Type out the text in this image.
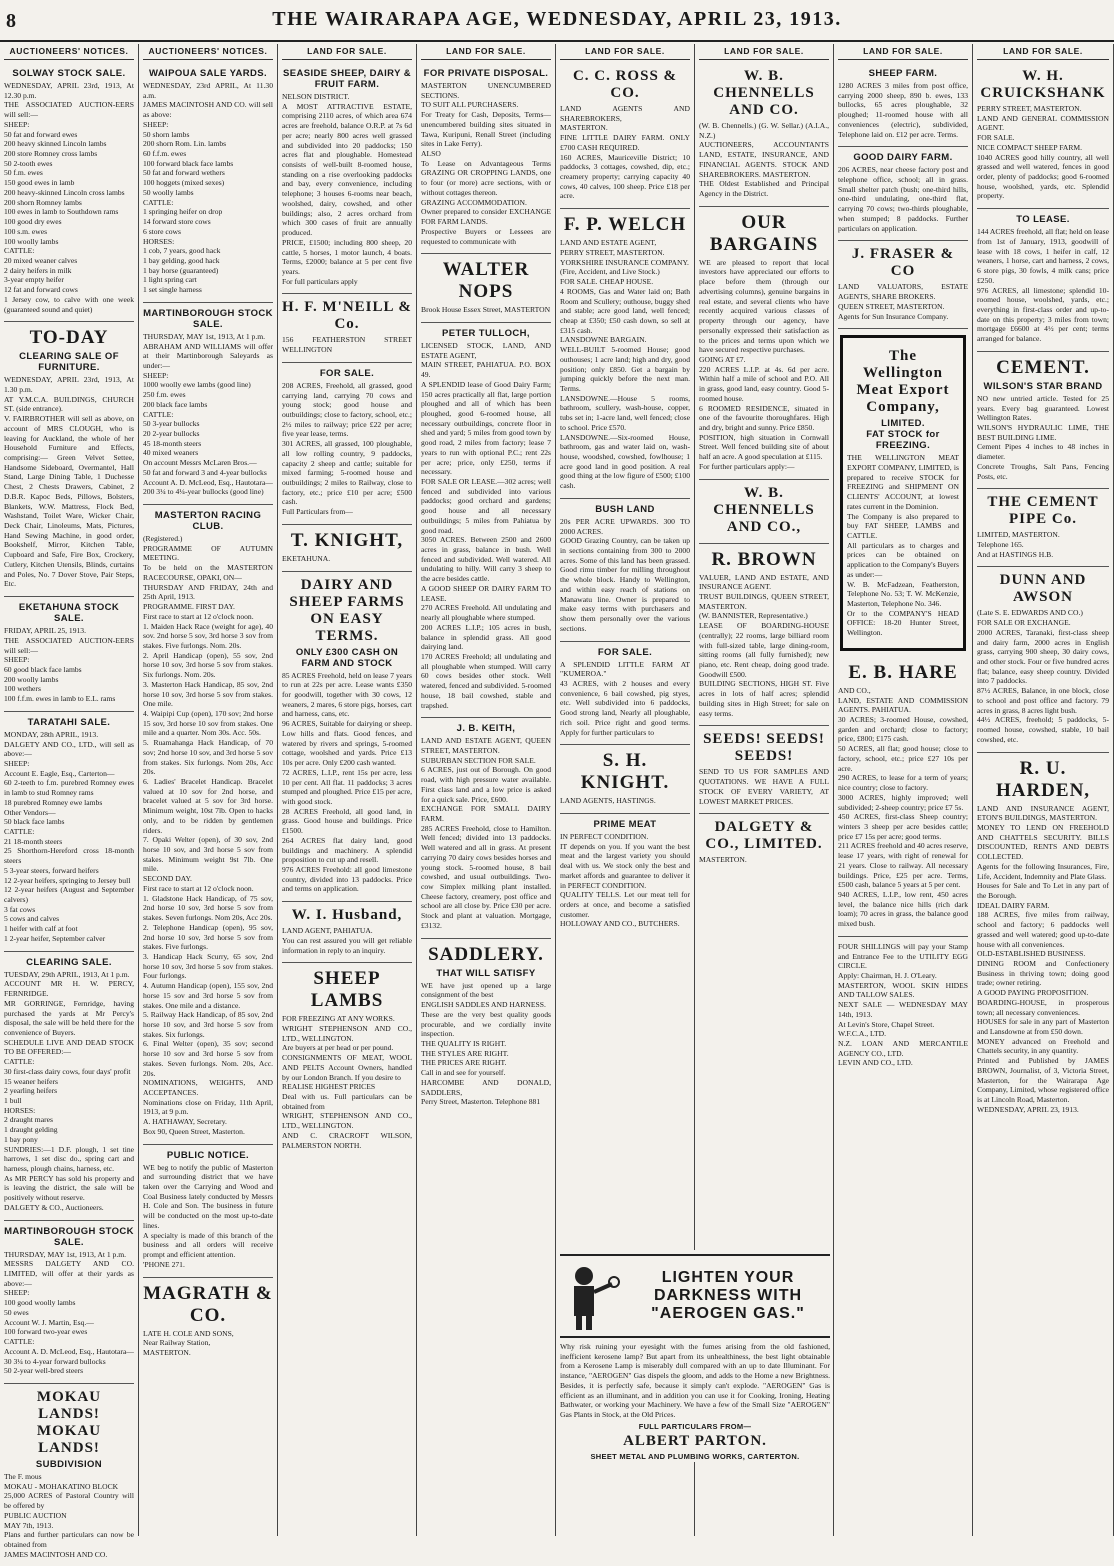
8	THE WAIRARAPA AGE, WEDNESDAY, APRIL 23, 1913.
AUCTIONEERS' NOTICES.
SOLWAY STOCK SALE.
WEDNESDAY, APRIL 23rd, 1913, At 12.30 p.m.
THE ASSOCIATED AUCTION-EERS will sell:—
SHEEP:
50 fat and forward ewes
200 heavy skinned Lincoln lambs
200 store Romney cross lambs
50 2-tooth ewes
50 f.m. ewes
150 good ewes in lamb
200 heavy-skinned Lincoln cross lambs
200 shorn Romney lambs
100 ewes in lamb to Southdown rams
100 good dry ewes
100 s.m. ewes
100 woolly lambs
CATTLE:
20 mixed weaner calves
2 dairy heifers in milk
3-year empty heifer
12 fat and forward cows
1 Jersey cow, to calve with one week (guaranteed sound and quiet)
TO-DAY
CLEARING SALE OF FURNITURE.
WEDNESDAY, APRIL 23rd, 1913, At 1.30 p.m.
AT Y.M.C.A. BUILDINGS, CHURCH ST. (side entrance).
V. FAIRBROTHER will sell as above, on account of MRS CLOUGH, who is leaving for Auckland, the whole of her Household Furniture and Effects, comprising:— Green Velvet Settee, Handsome Sideboard, Overmantel, Hall Stand, Large Dining Table, 1 Duchesse Chest, 2 Chests Drawers, Cabinet, 2 D.B.R. Kapoc Beds, Pillows, Bolsters, Blankets, W.W. Mattress, Flock Bed, Washstand, Toilet Ware, Wicker Chair, Deck Chair, Linoleums, Mats, Pictures, Hand Sewing Machine, in good order, Bookshelf, Mirror, Kitchen Table, Cupboard and Safe, Fire Box, Crockery, Cutlery, Kitchen Utensils, Blinds, curtains and Poles, No. 7 Dover Stove, Pair Steps, Etc.
EKETAHUNA STOCK SALE.
FRIDAY, APRIL 25, 1913.
THE ASSOCIATED AUCTION-EERS will sell:—
SHEEP:
60 good black face lambs
200 woolly lambs
100 wethers
100 f.f.m. ewes in lamb to E.L. rams
TARATAHI SALE.
MONDAY, 28th APRIL, 1913.
DALGETY AND CO., LTD., will sell as above:—
SHEEP:
Account E. Eagle, Esq., Carterton—
60 2-teeth to f.m. purebred Romney ewes in lamb to stud Romney rams
18 purebred Romney ewe lambs
Other Vendors—
50 black face lambs
CATTLE:
21 18-month steers
25 Shorthorn-Hereford cross 18-month steers
5 3-year steers, forward heifers
12 2-year heifers, springing to Jersey bull
12 2-year heifers (August and September calvers)
3 fat cows
5 cows and calves
1 heifer with calf at foot
1 2-year heifer, September calver
CLEARING SALE.
TUESDAY, 29th APRIL, 1913, At 1 p.m.
ACCOUNT MR H. W. PERCY, FERNRIDGE.
MR GORRINGE, Fernridge, having purchased the yards at Mr Percy's disposal, the sale will be held there for the convenience of Buyers.
SCHEDULE LIVE AND DEAD STOCK TO BE OFFERED:—
CATTLE:
30 first-class dairy cows, four days' profit
15 weaner heifers
2 yearling heifers
1 bull
HORSES:
2 draught mares
1 draught gelding
1 bay pony
SUNDRIES:—1 D.F. plough, 1 set tine harrows, 1 set disc do., spring cart and harness, plough chains, harness, etc.
As MR PERCY has sold his property and is leaving the district, the sale will be positively without reserve.
DALGETY & CO., Auctioneers.
MARTINBOROUGH STOCK SALE.
THURSDAY, MAY 1st, 1913, At 1 p.m.
MESSRS DALGETY AND CO. LIMITED, will offer at their yards as above:—
SHEEP:
100 good woolly lambs
50 ewes
Account W. J. Martin, Esq.—
100 forward two-year ewes
CATTLE:
Account A. D. McLeod, Esq., Hautotara—
30 3¼ to 4-year forward bullocks
50 2-year well-bred steers
MOKAU LANDS! MOKAU LANDS!
SUBDIVISION
The F. mous
MOKAU - MOHAKATINO BLOCK
25,000 ACRES of Pastoral Country will be offered by
PUBLIC AUCTION
MAY 7th, 1913.
Plans and further particulars can now be obtained from
JAMES MACINTOSH AND CO.
AUCTIONEERS' NOTICES.
WAIPOUA SALE YARDS.
WEDNESDAY, 23rd APRIL, At 11.30 a.m.
JAMES MACINTOSH AND CO. will sell as above:
SHEEP:
50 shorn lambs
200 shorn Rom. Lin. lambs
60 f.f.m. ewes
100 forward black face lambs
50 fat and forward wethers
100 hoggets (mixed sexes)
50 woolly lambs
CATTLE:
1 springing heifer on drop
14 forward store cows
6 store cows
HORSES:
1 cob, 7 years, good hack
1 bay gelding, good hack
1 bay horse (guaranteed)
1 light spring cart
1 set single harness
MARTINBOROUGH STOCK SALE.
THURSDAY, MAY 1st, 1913, At 1 p.m.
ABRAHAM AND WILLIAMS will offer at their Martinborough Saleyards as under:—
SHEEP:
1000 woolly ewe lambs (good line)
250 f.m. ewes
200 black face lambs
CATTLE:
50 3-year bullocks
20 2-year bullocks
45 18-month steers
40 mixed weaners
On account Messrs McLaren Bros.—
50 fat and forward 3 and 4-year bullocks
Account A. D. McLeod, Esq., Hautotara—
200 3¼ to 4¼-year bullocks (good line)
MASTERTON RACING CLUB.
(Registered.)
PROGRAMME OF AUTUMN MEETING.
To be held on the MASTERTON RACECOURSE, OPAKI, ON—
THURSDAY AND FRIDAY, 24th and 25th April, 1913.
PROGRAMME. FIRST DAY.
First race to start at 12 o'clock noon.
1. Maiden Hack Race (weight for age), 40 sov. 2nd horse 5 sov, 3rd horse 3 sov from stakes. Five furlongs. Nom. 20s.
2. April Handicap (open), 55 sov, 2nd horse 10 sov, 3rd horse 5 sov from stakes. Six furlongs. Nom. 20s.
3. Masterton Hack Handicap, 85 sov, 2nd horse 10 sov, 3rd horse 5 sov from stakes. One mile.
4. Waipipi Cup (open), 170 sov; 2nd horse 15 sov, 3rd horse 10 sov from stakes. One mile and a quarter. Nom 30s. Acc. 50s.
5. Ruamahanga Hack Handicap, of 70 sov; 2nd horse 10 sov, and 3rd horse 5 sov from stakes. Six furlongs. Nom 20s, Acc 20s.
6. Ladies' Bracelet Handicap. Bracelet valued at 10 sov for 2nd horse, and bracelet valued at 5 sov for 3rd horse. Minimum weight, 10st 7lb. Open to hacks only, and to be ridden by gentlemen riders.
7. Opaki Welter (open), of 30 sov, 2nd horse 10 sov, and 3rd horse 5 sov from stakes. Minimum weight 9st 7lb. One mile.
SECOND DAY.
First race to start at 12 o'clock noon.
1. Gladstone Hack Handicap, of 75 sov, 2nd horse 10 sov, 3rd horse 5 sov from stakes. Seven furlongs. Nom 20s, Acc 20s.
2. Telephone Handicap (open), 95 sov, 2nd horse 10 sov, 3rd horse 5 sov from stakes. Five furlongs.
3. Handicap Hack Scurry, 65 sov, 2nd horse 10 sov, 3rd horse 5 sov from stakes. Four furlongs.
4. Autumn Handicap (open), 155 sov, 2nd horse 15 sov and 3rd horse 5 sov from stakes. One mile and a distance.
5. Railway Hack Handicap, of 85 sov, 2nd horse 10 sov, and 3rd horse 5 sov from stakes. Six furlongs.
6. Final Welter (open), 35 sov; second horse 10 sov and 3rd horse 5 sov from stakes. Seven furlongs. Nom. 20s, Acc. 20s.
NOMINATIONS, WEIGHTS, AND ACCEPTANCES.
Nominations close on Friday, 11th April, 1913, at 9 p.m.
A. HATHAWAY, Secretary.
Box 90, Queen Street, Masterton.
PUBLIC NOTICE.
WE beg to notify the public of Masterton and surrounding district that we have taken over the Carrying and Wood and Coal Business lately conducted by Messrs H. Cole and Son. The business in future will be conducted on the most up-to-date lines.
A specialty is made of this branch of the business and all orders will receive prompt and efficient attention.
'PHONE 271.
MAGRATH & CO.
LATE H. COLE AND SONS,
Near Railway Station,
MASTERTON.
LAND FOR SALE.
SEASIDE SHEEP, DAIRY & FRUIT FARM.
NELSON DISTRICT.
A MOST ATTRACTIVE ESTATE, comprising 2110 acres, of which area 674 acres are freehold, balance O.R.P. at 7s 6d per acre; nearly 800 acres well grassed and subdivided into 20 paddocks; 150 acres flat and ploughable. Homestead consists of well-built 8-roomed house, standing on a rise overlooking paddocks and bay, every convenience, including telephone; 3 houses 6-rooms near beach, woolshed, dairy, cowshed, and other buildings; also, 2 acres orchard from which 300 cases of fruit are annually produced.
PRICE, £1500; including 800 sheep, 20 cattle, 5 horses, 1 motor launch, 4 boats. Terms, £2000; balance at 5 per cent five years.
For full particulars apply
H. F. M'NEILL & Co.
156 FEATHERSTON STREET WELLINGTON
FOR SALE.
208 ACRES, Freehold, all grassed, good carrying land, carrying 70 cows and young stock; good house and outbuildings; close to factory, school, etc.; 2½ miles to railway; price £22 per acre; five year lease, terms.
301 ACRES, all grassed, 100 ploughable, all low rolling country, 9 paddocks, capacity 2 sheep and cattle; suitable for mixed farming; 5-roomed house and outbuildings; 2 miles to Railway, close to factory, etc.; price £10 per acre; £500 cash.
Full Particulars from—
T. KNIGHT,
EKETAHUNA.
DAIRY AND SHEEP FARMS ON EASY TERMS.
ONLY £300 CASH ON FARM AND STOCK
85 ACRES Freehold, held on lease 7 years to run at 22s per acre. Lease wants £350 for goodwill, together with 30 cows, 12 weaners, 2 mares, 6 store pigs, horses, cart and harness, cans, etc.
96 ACRES, Suitable for dairying or sheep. Low hills and flats. Good fences, and watered by rivers and springs, 5-roomed cottage, woolshed and yards. Price £13 10s per acre. Only £200 cash wanted.
72 ACRES, L.I.P., rent 15s per acre, less 10 per cent. All flat. 11 paddocks; 3 acres stumped and ploughed. Price £15 per acre, with good stock.
28 ACRES Freehold, all good land, in grass. Good house and buildings. Price £1500.
264 ACRES flat dairy land, good buildings and machinery. A splendid proposition to cut up and resell.
976 ACRES Freehold: all good limestone country, divided into 13 paddocks. Price and terms on application.
W. I. Husband,
LAND AGENT, PAHIATUA.
You can rest assured you will get reliable information in reply to an inquiry.
SHEEP LAMBS
FOR FREEZING AT ANY WORKS.
WRIGHT STEPHENSON AND CO., LTD., WELLINGTON.
Are buyers at per head or per pound.
CONSIGNMENTS OF MEAT, WOOL AND PELTS Account Owners, handled by our London Branch. If you desire to
REALISE HIGHEST PRICES
Deal with us. Full particulars can be obtained from
WRIGHT, STEPHENSON AND CO., LTD., WELLINGTON.
AND C. CRACROFT WILSON, PALMERSTON NORTH.
LAND FOR SALE.
FOR PRIVATE DISPOSAL.
MASTERTON UNENCUMBERED SECTIONS.
TO SUIT ALL PURCHASERS.
For Treaty for Cash, Deposits, Terms—unencumbered building sites situated in Tawa, Kuripuni, Renall Street (including sites in Lake Ferry).
ALSO
To Lease on Advantageous Terms GRAZING OR CROPPING LANDS, one to four (or more) acre sections, with or without cottages thereon.
GRAZING ACCOMMODATION.
Owner prepared to consider EXCHANGE FOR FARM LANDS.
Prospective Buyers or Lessees are requested to communicate with
WALTER NOPS
Brook House Essex Street, MASTERTON
PETER TULLOCH,
LICENSED STOCK, LAND, AND ESTATE AGENT,
MAIN STREET, PAHIATUA. P.O. BOX 49.
A SPLENDID lease of Good Dairy Farm; 150 acres practically all flat, large portion ploughed and all of which has been ploughed, good 6-roomed house, all necessary outbuildings, concrete floor in shed and yard; 5 miles from good town by good road, 2 miles from factory; lease 7 years to run with optional P.C.; rent 22s per acre; price, only £250, terms if necessary.
FOR SALE OR LEASE.—302 acres; well fenced and subdivided into various paddocks; good orchard and gardens; good house and all necessary outbuildings; 5 miles from Pahiatua by good road.
3050 ACRES. Between 2500 and 2600 acres in grass, balance in bush. Well fenced and subdivided. Well watered. All undulating to hilly. Will carry 3 sheep to the acre besides cattle.
A GOOD SHEEP OR DAIRY FARM TO LEASE.
270 ACRES Freehold. All undulating and nearly all ploughable where stumped.
200 ACRES L.I.P.; 105 acres in bush, balance in splendid grass. All good dairying land.
170 ACRES Freehold; all undulating and all ploughable when stumped. Will carry 60 cows besides other stock. Well watered, fenced and subdivided. 5-roomed house, 18 bail cowshed, stable and trapshed.
J. B. KEITH,
LAND AND ESTATE AGENT, QUEEN STREET, MASTERTON.
SUBURBAN SECTION FOR SALE.
6 ACRES, just out of Borough. On good road, with high pressure water available. First class land and a low price is asked for a quick sale. Price, £600.
EXCHANGE FOR SMALL DAIRY FARM.
285 ACRES Freehold, close to Hamilton. Well fenced; divided into 13 paddocks. Well watered and all in grass. At present carrying 70 dairy cows besides horses and young stock. 5-roomed house, 8 bail cowshed, and usual outbuildings. Two-cow Simplex milking plant installed. Cheese factory, creamery, post office and school are all close by. Price £30 per acre. Stock and plant at valuation. Mortgage, £3132.
SADDLERY.
THAT WILL SATISFY
WE have just opened up a large consignment of the best
ENGLISH SADDLES AND HARNESS.
These are the very best quality goods procurable, and we cordially invite inspection.
THE QUALITY IS RIGHT.
THE STYLES ARE RIGHT.
THE PRICES ARE RIGHT.
Call in and see for yourself.
HARCOMBE AND DONALD, SADDLERS,
Perry Street, Masterton. Telephone 881
LAND FOR SALE.
C. C. ROSS & CO.
LAND AGENTS AND SHAREBROKERS,
MASTERTON.
FINE LITTLE DAIRY FARM. ONLY £700 CASH REQUIRED.
160 ACRES, Mauriceville District; 10 paddocks, 3 cottages, cowshed, dip, etc.; creamery property; carrying capacity 40 cows, 40 calves, 100 sheep. Price £18 per acre.
F. P. WELCH
LAND AND ESTATE AGENT,
PERRY STREET, MASTERTON.
YORKSHIRE INSURANCE COMPANY.
(Fire, Accident, and Live Stock.)
FOR SALE. CHEAP HOUSE.
4 ROOMS, Gas and Water laid on; Bath Room and Scullery; outhouse, buggy shed and stable; acre good land, well fenced; cheap at £350; £50 cash down, so sell at £315 cash.
LANSDOWNE BARGAIN.
WELL-BUILT 5-roomed House; good outhouses; 1 acre land; high and dry, good position; only £850. Get a bargain by jumping quickly before the next man. Terms.
LANSDOWNE.—House 5 rooms, bathroom, scullery, wash-house, copper, tubs set in; 1-acre land, well fenced; close to school. Price £570.
LANSDOWNE.—Six-roomed House, bathroom, gas and water laid on, wash-house, woodshed, cowshed, fowlhouse; 1 acre good land in good position. A real good thing at the low figure of £500; £100 cash.
BUSH LAND
20s PER ACRE UPWARDS. 300 TO 2000 ACRES.
GOOD Grazing Country, can be taken up in sections containing from 300 to 2000 acres. Some of this land has been grassed. Good rimu timber for milling throughout the whole block. Handy to Wellington, and within easy reach of stations on Manawatu line. Owner is prepared to make easy terms with purchasers and show them personally over the various sections.
FOR SALE.
A SPLENDID LITTLE FARM AT "KUMEROA."
43 ACRES, with 2 houses and every convenience, 6 bail cowshed, pig styes, etc. Well subdivided into 6 paddocks, Good strong land, Nearly all ploughable, rich soil. Price right and good terms. Apply for further particulars to
S. H. KNIGHT.
LAND AGENTS, HASTINGS.
PRIME MEAT
IN PERFECT CONDITION.
IT depends on you. If you want the best meat and the largest variety you should deal with us. We stock only the best and market affords and guarantee to deliver it in PERFECT CONDITION.
QUALITY TELLS. Let our meat tell for orders at once, and become a satisfied customer.
HOLLOWAY AND CO., BUTCHERS.
LAND FOR SALE.
W. B. CHENNELLS AND CO.
(W. B. Chennells.) (G. W. Sellar.) (A.I.A., N.Z.)
AUCTIONEERS, ACCOUNTANTS LAND, ESTATE, INSURANCE, AND FINANCIAL AGENTS. STOCK AND SHAREBROKERS. MASTERTON.
THE Oldest Established and Principal Agency in the District.
OUR BARGAINS
WE are pleased to report that local investors have appreciated our efforts to place before them (through our advertising columns), genuine bargains in real estate, and several clients who have recently acquired various classes of property through our agency, have personally expressed their satisfaction as to the prices and terms upon which we have secured respective purchases.
GOING AT £7.
220 ACRES L.I.P. at 4s. 6d per acre. Within half a mile of school and P.O. All in grass, good land, easy country. Good 5-roomed house.
6 ROOMED RESIDENCE, situated in one of the favourite thoroughfares. High and dry, bright and sunny. Price £850.
POSITION, high situation in Cornwall Street. Well fenced building site of about half an acre. A good speculation at £115.
For further particulars apply:—
W. B. CHENNELLS AND CO.,
R. BROWN
VALUER, LAND AND ESTATE, AND INSURANCE AGENT.
TRUST BUILDINGS, QUEEN STREET, MASTERTON.
(W. BANNISTER, Representative.)
LEASE OF BOARDING-HOUSE (centrally); 22 rooms, large billiard room with full-sized table, large dining-room, sitting rooms (all fully furnished); new piano, etc. Rent cheap, doing good trade. Goodwill £500.
BUILDING SECTIONS, HIGH ST. Five acres in lots of half acres; splendid building sites in High Street; for sale on easy terms.
SEEDS! SEEDS! SEEDS!
SEND TO US FOR SAMPLES AND QUOTATIONS. WE HAVE A FULL STOCK OF EVERY VARIETY, AT LOWEST MARKET PRICES.
DALGETY & CO., LIMITED.
MASTERTON.
LAND FOR SALE.
SHEEP FARM.
1280 ACRES 3 miles from post office, carrying 2000 sheep, 890 b. ewes, 133 bullocks, 65 acres ploughable, 32 ploughed; 11-roomed house with all conveniences (electric), subdivided, Telephone laid on. £12 per acre. Terms.
GOOD DAIRY FARM.
206 ACRES, near cheese factory post and telephone office, school; all in grass. Small shelter patch (bush; one-third hills, one-third undulating, one-third flat, carrying 70 cows; two-thirds ploughable, when stumped; 8 paddocks. Further particulars on application.
J. FRASER & CO
LAND VALUATORS, ESTATE AGENTS, SHARE BROKERS.
QUEEN STREET, MASTERTON.
Agents for Sun Insurance Company.
The Wellington Meat Export Company,
LIMITED.
FAT STOCK for FREEZING.
THE WELLINGTON MEAT EXPORT COMPANY, LIMITED, is prepared to receive STOCK for FREEZING and SHIPMENT ON CLIENTS' ACCOUNT, at lowest rates current in the Dominion.
The Company is also prepared to buy FAT SHEEP, LAMBS and CATTLE.
All particulars as to charges and prices can be obtained on application to the Company's Buyers as under:—
W. B. McFadzean, Featherston, Telephone No. 53; T. W. McKenzie, Masterton, Telephone No. 346.
Or to the COMPANY'S HEAD OFFICE: 18-20 Hunter Street, Wellington.
E. B. HARE
AND CO.,
LAND, ESTATE AND COMMISSION AGENTS. PAHIATUA.
30 ACRES; 3-roomed House, cowshed, garden and orchard; close to factory; price, £800; £175 cash.
50 ACRES, all flat; good house; close to factory, school, etc.; price £27 10s per acre.
290 ACRES, to lease for a term of years; nice country; close to factory.
3000 ACRES, highly improved; well subdivided; 2-sheep country; price £7 5s.
450 ACRES, first-class Sheep country; winters 3 sheep per acre besides cattle; price £7 15s per acre; good terms.
211 ACRES freehold and 40 acres reserve, lease 17 years, with right of renewal for 21 years. Close to railway. All necessary buildings. Price, £25 per acre. Terms, £500 cash, balance 5 years at 5 per cent.
940 ACRES, L.I.P., low rent, 450 acres level, the balance nice hills (rich dark loam); 70 acres in grass, the balance good mixed bush.
FOUR SHILLINGS will pay your Stamp and Entrance Fee to the UTILITY EGG CIRCLE.
Apply: Chairman, H. J. O'Leary.
MASTERTON, WOOL SKIN HIDES AND TALLOW SALES.
NEXT SALE — WEDNESDAY MAY 14th, 1913.
At Levin's Store, Chapel Street.
W.F.C.A., LTD.
N.Z. LOAN AND MERCANTILE AGENCY CO., LTD.
LEVIN AND CO., LTD.
LAND FOR SALE.
W. H. CRUICKSHANK
PERRY STREET, MASTERTON.
LAND AND GENERAL COMMISSION AGENT.
FOR SALE.
NICE COMPACT SHEEP FARM.
1040 ACRES good hilly country, all well grassed and well watered, fences in good order, plenty of paddocks; good 6-roomed house, woolshed, yards, etc. Splendid property.
TO LEASE.
144 ACRES freehold, all flat; held on lease from 1st of January, 1913, goodwill of lease with 18 cows, 1 heifer in calf, 12 weaners, 1 horse, cart and harness, 2 cows, 6 store pigs, 30 fowls, 4 milk cans; price £250.
976 ACRES, all limestone; splendid 10-roomed house, woolshed, yards, etc.; everything in first-class order and up-to-date on this property; 3 miles from town; mortgage £6600 at 4½ per cent; terms arranged for balance.
CEMENT.
WILSON'S STAR BRAND
NO new untried article. Tested for 25 years. Every bag guaranteed. Lowest Wellington Rates.
WILSON'S HYDRAULIC LIME, THE BEST BUILDING LIME.
Cement Pipes 4 inches to 48 inches in diameter.
Concrete Troughs, Salt Pans, Fencing Posts, etc.
THE CEMENT PIPE Co.
LIMITED, MASTERTON.
Telephone 165.
And at HASTINGS H.B.
DUNN AND AWSON
(Late S. E. EDWARDS AND CO.)
FOR SALE OR EXCHANGE.
2000 ACRES, Taranaki, first-class sheep and dairy farm, 2000 acres in English grass, carrying 900 sheep, 30 dairy cows, and other stock. Four or five hundred acres flat; balance, easy sheep country. Divided into 7 paddocks.
87½ ACRES, Balance, in one block, close to school and post office and factory. 79 acres in grass, 8 acres light bush.
44½ ACRES, freehold; 5 paddocks, 5-roomed house, cowshed, stable, 10 bail cowshed, etc.
R. U. HARDEN,
LAND AND INSURANCE AGENT, ETON'S BUILDINGS, MASTERTON.
MONEY TO LEND ON FREEHOLD AND CHATTELS SECURITY. BILLS DISCOUNTED, RENTS AND DEBTS COLLECTED.
Agents for the following Insurances, Fire, Life, Accident, Indemnity and Plate Glass.
Houses for Sale and To Let in any part of the Borough.
IDEAL DAIRY FARM.
188 ACRES, five miles from railway, school and factory; 6 paddocks well grassed and well watered; good up-to-date house with all conveniences.
OLD-ESTABLISHED BUSINESS.
DINING ROOM and Confectionery Business in thriving town; doing good trade; owner retiring.
A GOOD PAYING PROPOSITION.
BOARDING-HOUSE, in prosperous town; all necessary conveniences.
HOUSES for sale in any part of Masterton and Lansdowne at from £50 down.
MONEY advanced on Freehold and Chattels security, in any quantity.
Printed and Published by JAMES BROWN, Journalist, of 3, Victoria Street, Masterton, for the Wairarapa Age Company, Limited, whose registered office is at Lincoln Road, Masterton.
WEDNESDAY, APRIL 23, 1913.
LIGHTEN YOUR DARKNESS WITH "AEROGEN GAS."
Why risk ruining your eyesight with the fumes arising from the old fashioned, inefficient kerosene lamp? But apart from its unhealthiness, the best light obtainable from a Kerosene Lamp is miserably dull compared with an up to date Illuminant. For instance, "AEROGEN" Gas dispels the gloom, and adds to the Home a new Brightness. Besides, it is perfectly safe, because it simply can't explode. "AEROGEN" Gas is efficient as an illuminant, and in addition you can use it for Cooking, Ironing, Heating Bathwater, or working your Machinery. We have a few of the Small Size "AEROGEN" Gas Plants in Stock, at the Old Prices.
FULL PARTICULARS FROM—
ALBERT PARTON.
SHEET METAL AND PLUMBING WORKS, CARTERTON.
